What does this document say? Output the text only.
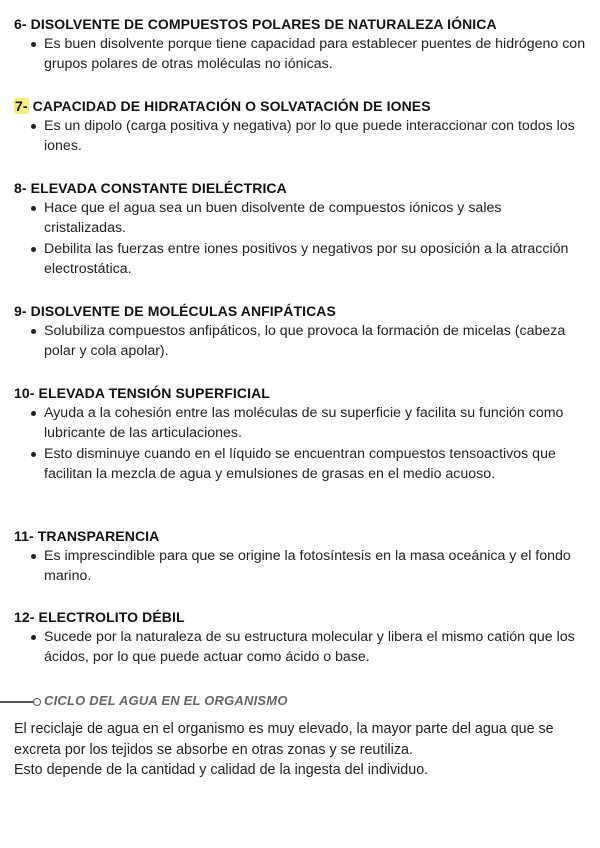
6- DISOLVENTE DE COMPUESTOS POLARES DE NATURALEZA IÓNICA

Es buen disolvente porque tiene capacidad para establecer puentes de hidrógeno con grupos polares de otras moléculas no iónicas.

7- CAPACIDAD DE HIDRATACIÓN O SOLVATACIÓN DE IONES

Es un dipolo (carga positiva y negativa) por lo que puede interaccionar con todos los iones.

8- ELEVADA CONSTANTE DIELÉCTRICA

Hace que el agua sea un buen disolvente de compuestos iónicos y sales cristalizadas.
Debilita las fuerzas entre iones positivos y negativos por su oposición a la atracción electrostática.

9- DISOLVENTE DE MOLÉCULAS ANFIPÁTICAS

Solubiliza compuestos anfipáticos, lo que provoca la formación de micelas (cabeza polar y cola apolar).

10- ELEVADA TENSIÓN SUPERFICIAL

Ayuda a la cohesión entre las moléculas de su superficie y facilita su función como lubricante de las articulaciones.
Esto disminuye cuando en el líquido se encuentran compuestos tensoactivos que facilitan la mezcla de agua y emulsiones de grasas en el medio acuoso.

11- TRANSPARENCIA

Es imprescindible para que se origine la fotosíntesis en la masa oceánica y el fondo marino.

12- ELECTROLITO DÉBIL

Sucede por la naturaleza de su estructura molecular y libera el mismo catión que los ácidos, por lo que puede actuar como ácido o base.
CICLO DEL AGUA EN EL ORGANISMO

El reciclaje de agua en el organismo es muy elevado, la mayor parte del agua que se excreta por los tejidos se absorbe en otras zonas y se reutiliza.
Esto depende de la cantidad y calidad de la ingesta del individuo.
